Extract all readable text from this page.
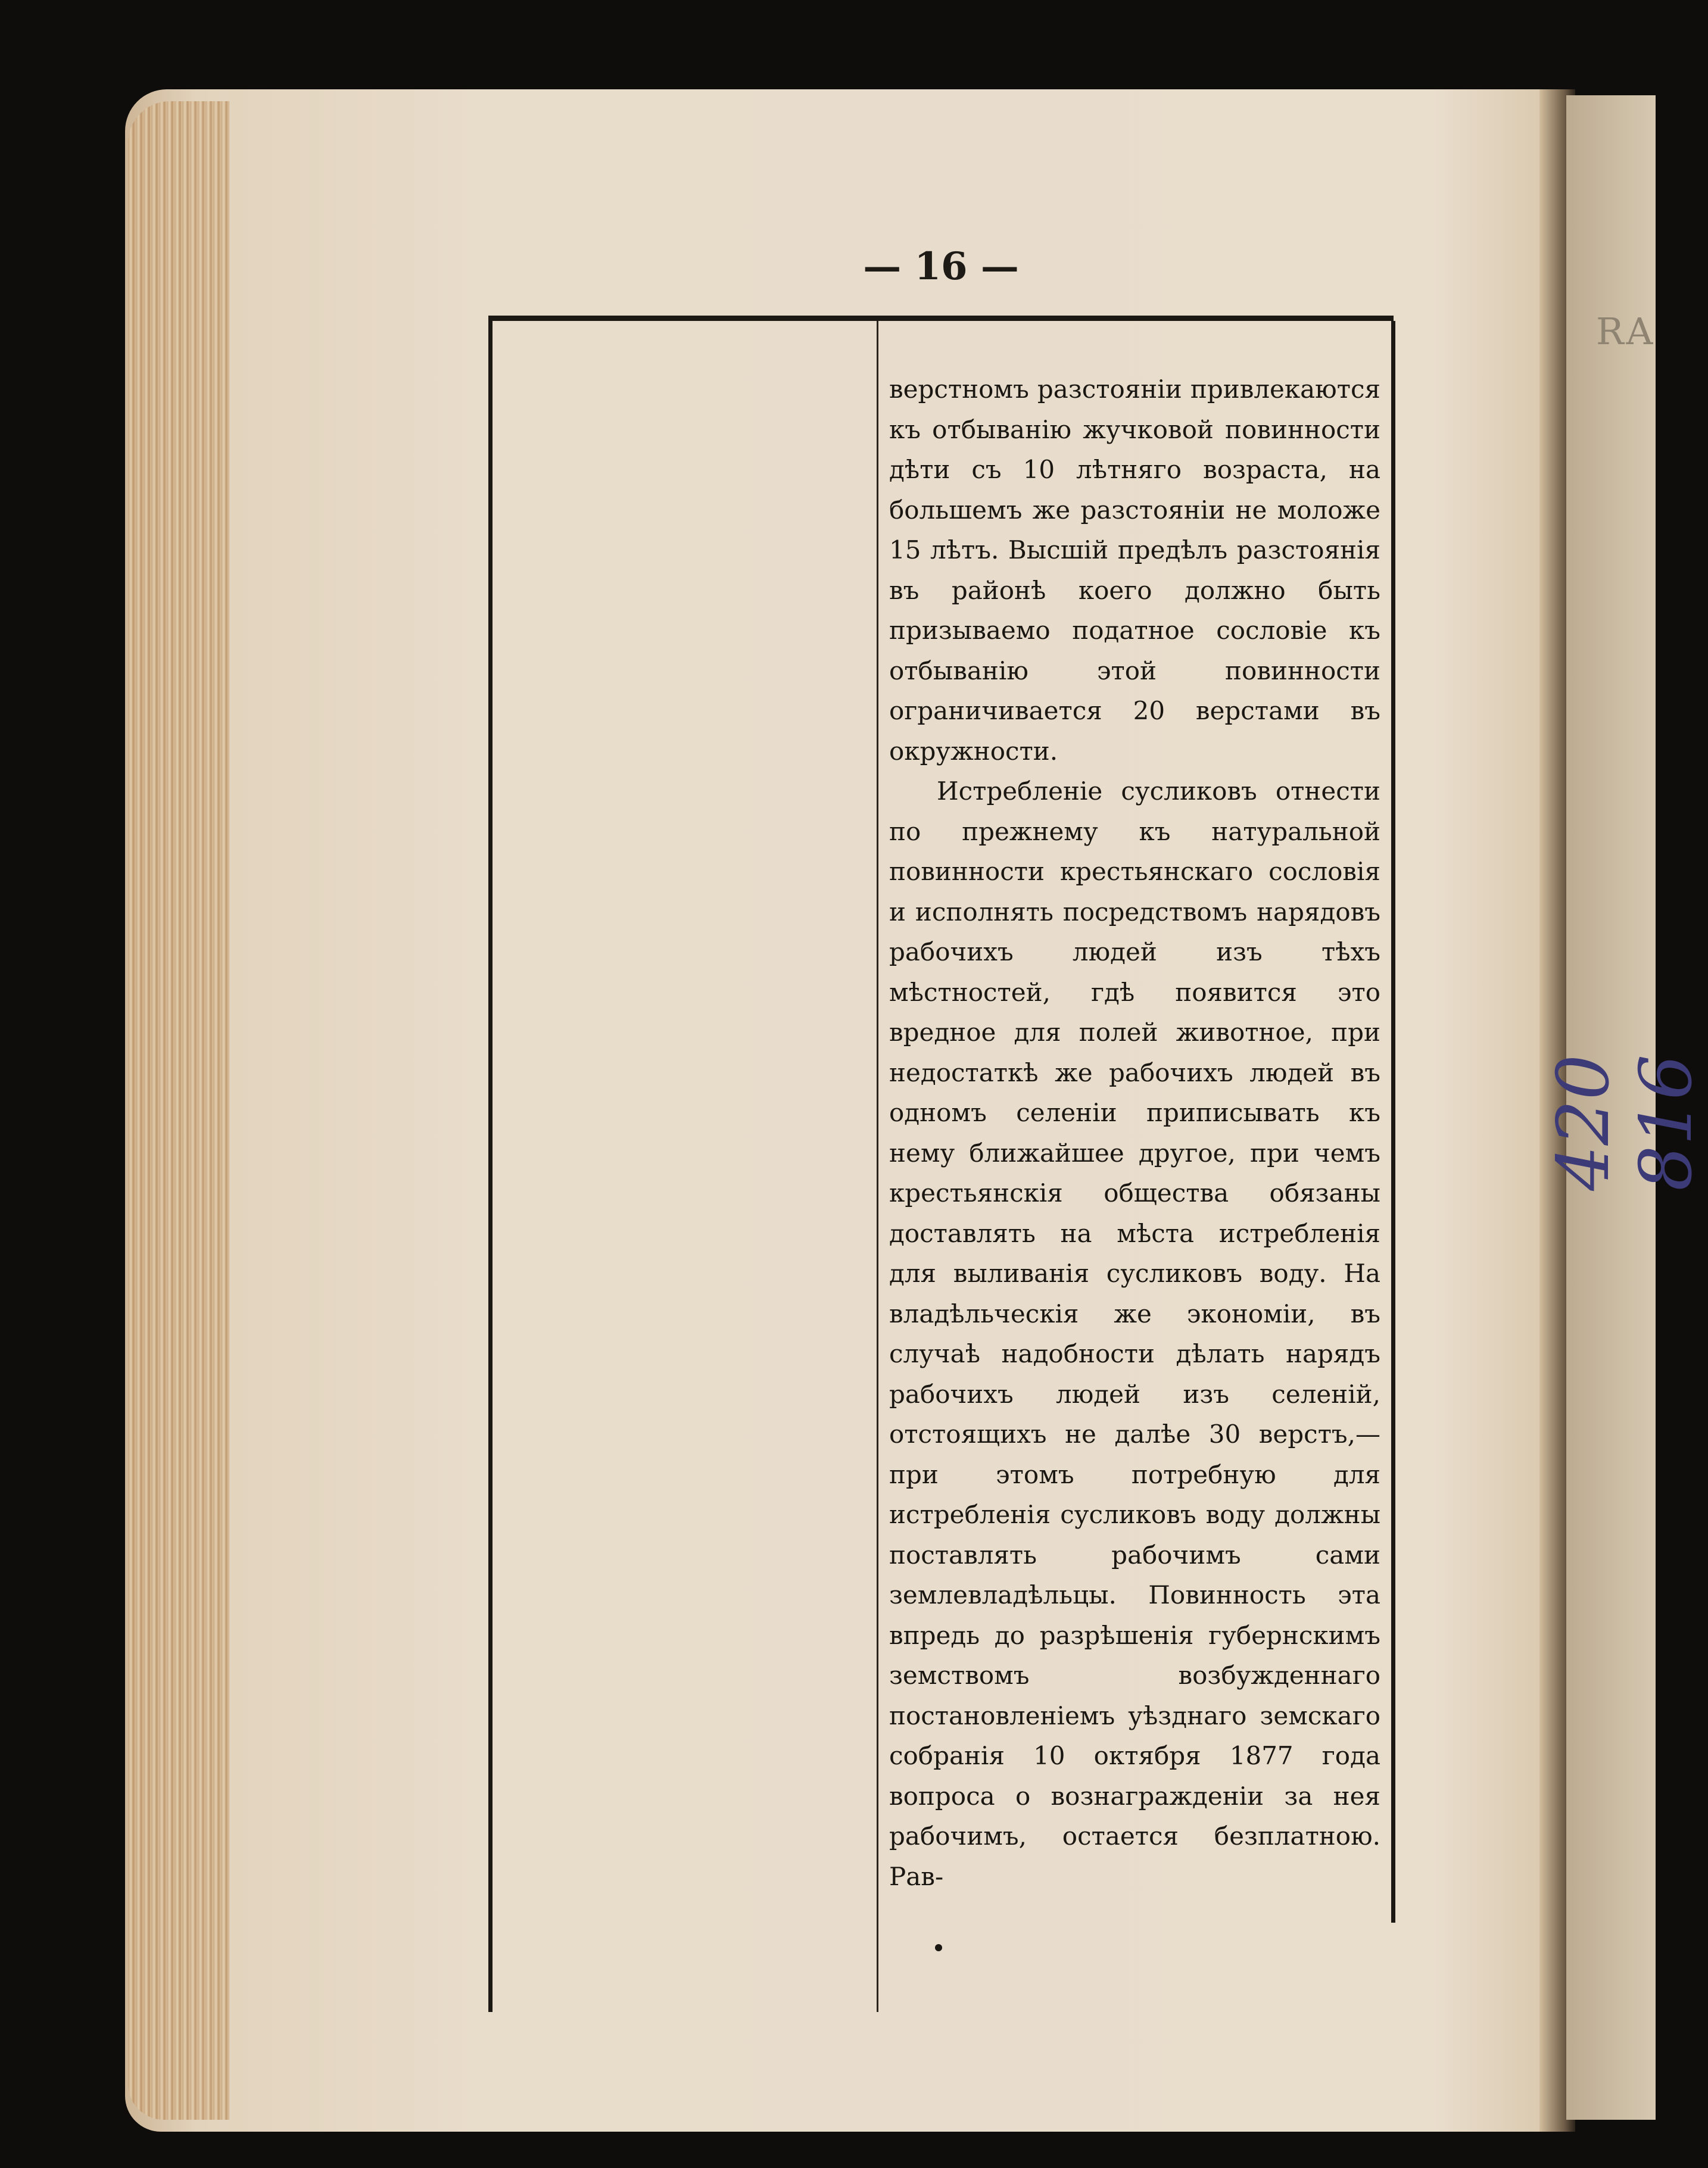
RA
420 816
— 16 —

верстномъ разстояніи привлекаются къ отбыванію жучковой повинности дѣти съ 10 лѣтняго возраста, на большемъ же разстояніи не моложе 15 лѣтъ. Высшій предѣлъ разстоянія въ районѣ коего должно быть призываемо податное сословіе къ отбыванію этой повинности ограничивается 20 верстами въ окружности.

Истребленіе сусликовъ отнести по прежнему къ натуральной повинности крестьянскаго сословія и исполнять посредствомъ нарядовъ рабочихъ людей изъ тѣхъ мѣстностей, гдѣ появится это вредное для полей животное, при недостаткѣ же рабочихъ людей въ одномъ селеніи приписывать къ нему ближайшее другое, при чемъ крестьянскія общества обязаны доставлять на мѣста истребленія для выливанія сусликовъ воду. На владѣльческія же экономіи, въ случаѣ надобности дѣлать нарядъ рабочихъ людей изъ селеній, отстоящихъ не далѣе 30 верстъ,—при этомъ потребную для истребленія сусликовъ воду должны поставлять рабочимъ сами землевладѣльцы. Повинность эта впредь до разрѣшенія губернскимъ земствомъ возбужденнаго постановленіемъ уѣзднаго земскаго собранія 10 октября 1877 года вопроса о вознагражденіи за нея рабочимъ, остается безплатною. Рав-
